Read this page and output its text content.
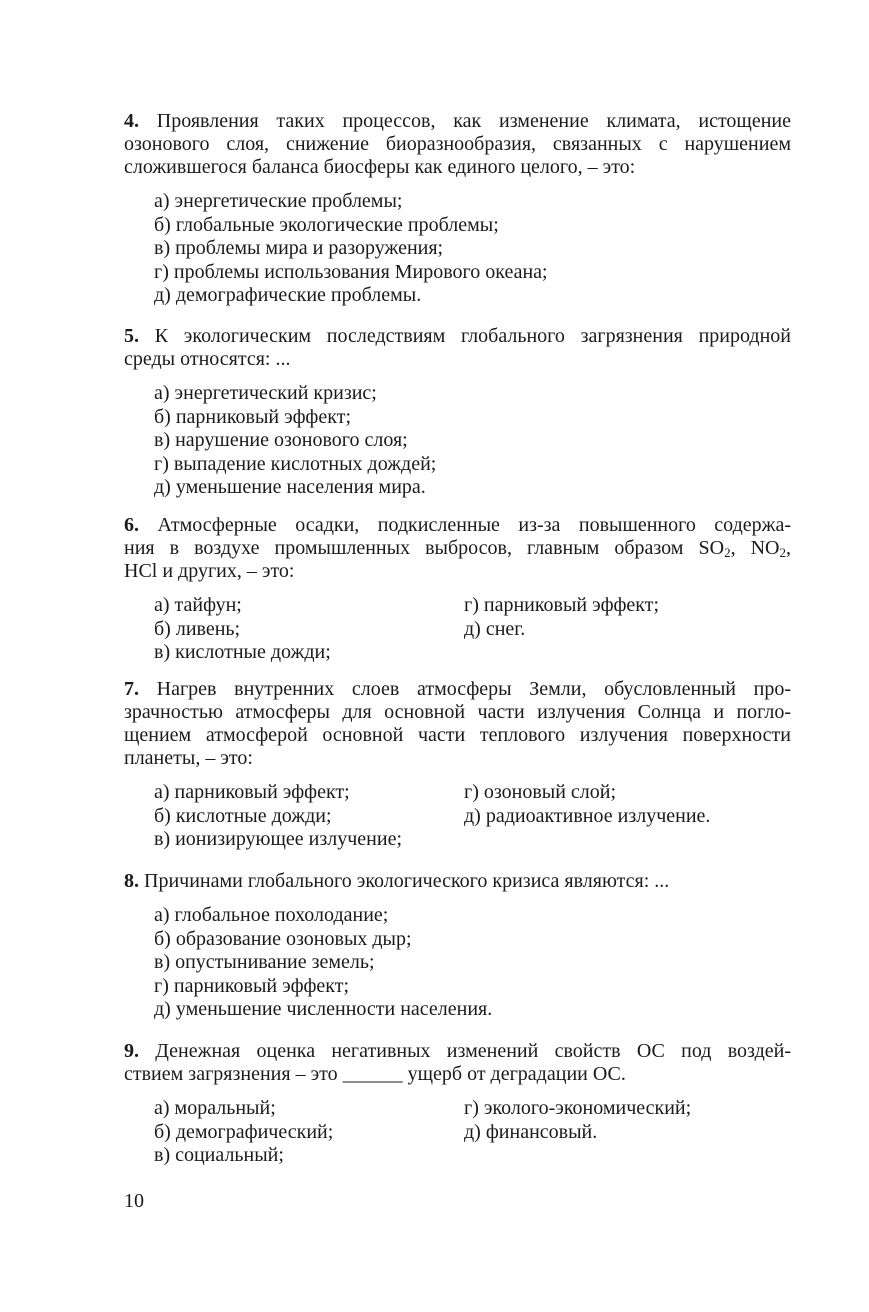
4. Проявления таких процессов, как изменение климата, истощение
озонового слоя, снижение биоразнообразия, связанных с нарушением
сложившегося баланса биосферы как единого целого, – это:
а) энергетические проблемы;
б) глобальные экологические проблемы;
в) проблемы мира и разоружения;
г) проблемы использования Мирового океана;
д) демографические проблемы.
5. К экологическим последствиям глобального загрязнения природной
среды относятся: ...
а) энергетический кризис;
б) парниковый эффект;
в) нарушение озонового слоя;
г) выпадение кислотных дождей;
д) уменьшение населения мира.
6. Атмосферные осадки, подкисленные из-за повышенного содержа-
ния в воздухе промышленных выбросов, главным образом $SO_2$, $NO_2$,
HCl и других, – это:
а) тайфун;
б) ливень;
в) кислотные дожди;
г) парниковый эффект;
д) снег.
7. Нагрев внутренних слоев атмосферы Земли, обусловленный про-
зрачностью атмосферы для основной части излучения Солнца и погло-
щением атмосферой основной части теплового излучения поверхности
планеты, – это:
а) парниковый эффект;
б) кислотные дожди;
в) ионизирующее излучение;
г) озоновый слой;
д) радиоактивное излучение.
8. Причинами глобального экологического кризиса являются: ...
а) глобальное похолодание;
б) образование озоновых дыр;
в) опустынивание земель;
г) парниковый эффект;
д) уменьшение численности населения.
9. Денежная оценка негативных изменений свойств ОС под воздей-
ствием загрязнения – это ______ ущерб от деградации ОС.
а) моральный;
б) демографический;
в) социальный;
г) эколого-экономический;
д) финансовый.
10
